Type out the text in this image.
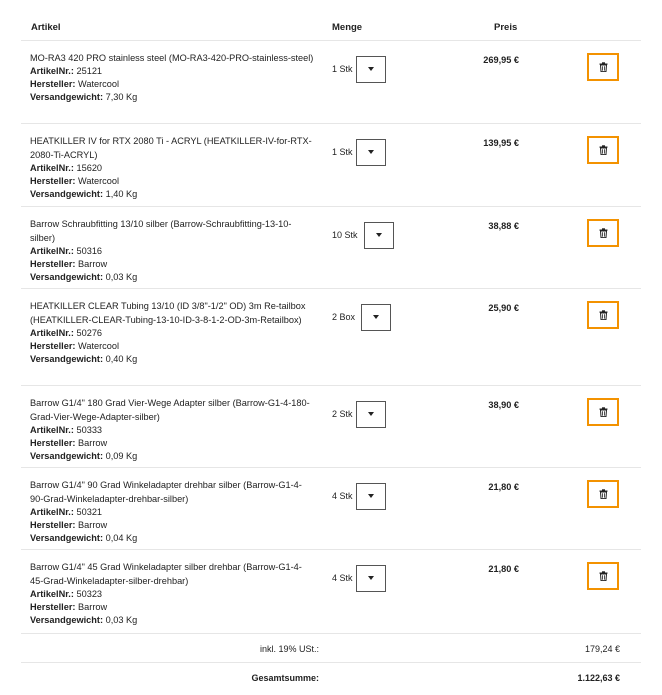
Artikel	Menge	Preis
MO-RA3 420 PRO stainless steel (MO-RA3-420-PRO-stainless-steel)
ArtikelNr.: 25121
Hersteller: Watercool
Versandgewicht: 7,30 Kg
1 Stk
269,95 €
HEATKILLER IV for RTX 2080 Ti - ACRYL (HEATKILLER-IV-for-RTX-2080-Ti-ACRYL)
ArtikelNr.: 15620
Hersteller: Watercool
Versandgewicht: 1,40 Kg
1 Stk
139,95 €
Barrow Schraubfitting 13/10 silber (Barrow-Schraubfitting-13-10-silber)
ArtikelNr.: 50316
Hersteller: Barrow
Versandgewicht: 0,03 Kg
10 Stk
38,88 €
HEATKILLER CLEAR Tubing 13/10 (ID 3/8"-1/2" OD) 3m Re-tailbox (HEATKILLER-CLEAR-Tubing-13-10-ID-3-8-1-2-OD-3m-Retailbox)
ArtikelNr.: 50276
Hersteller: Watercool
Versandgewicht: 0,40 Kg
2 Box
25,90 €
Barrow G1/4" 180 Grad Vier-Wege Adapter silber (Barrow-G1-4-180-Grad-Vier-Wege-Adapter-silber)
ArtikelNr.: 50333
Hersteller: Barrow
Versandgewicht: 0,09 Kg
2 Stk
38,90 €
Barrow G1/4" 90 Grad Winkeladapter drehbar silber (Barrow-G1-4-90-Grad-Winkeladapter-drehbar-silber)
ArtikelNr.: 50321
Hersteller: Barrow
Versandgewicht: 0,04 Kg
4 Stk
21,80 €
Barrow G1/4" 45 Grad Winkeladapter silber drehbar (Barrow-G1-4-45-Grad-Winkeladapter-silber-drehbar)
ArtikelNr.: 50323
Hersteller: Barrow
Versandgewicht: 0,03 Kg
4 Stk
21,80 €
inkl. 19% USt.:	179,24 €
Gesamtsumme:	1.122,63 €
